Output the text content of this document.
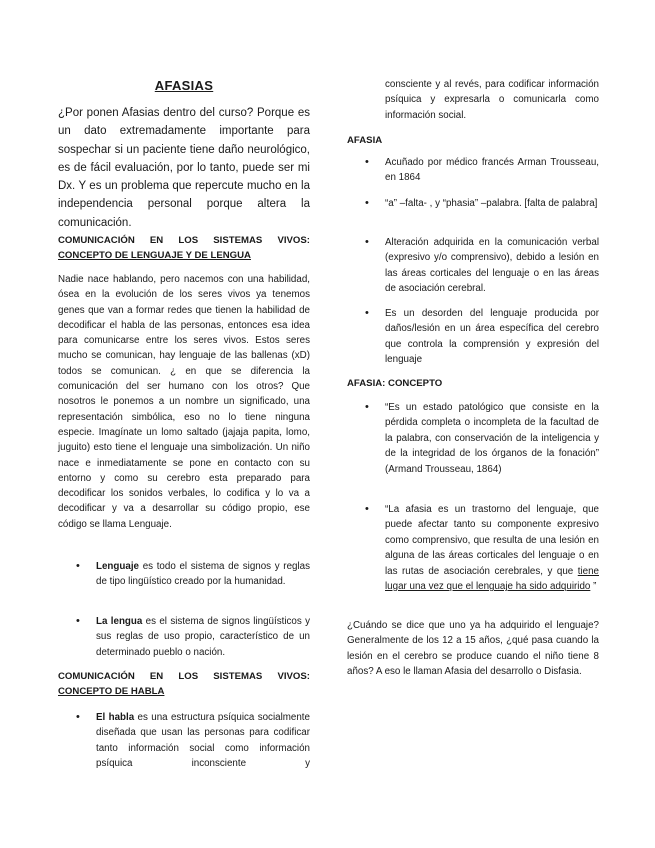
AFASIAS
¿Por ponen Afasias dentro del curso? Porque es un dato extremadamente importante para sospechar si un paciente tiene daño neurológico, es de fácil evaluación, por lo tanto, puede ser mi Dx. Y es un problema que repercute mucho en la independencia personal porque altera la comunicación.
COMUNICACIÓN EN LOS SISTEMAS VIVOS:
CONCEPTO DE LENGUAJE Y DE LENGUA
Nadie nace hablando, pero nacemos con una habilidad, ósea en la evolución de los seres vivos ya tenemos genes que van a formar redes que tienen la habilidad de decodificar el habla de las personas, entonces esa idea para comunicarse entre los seres vivos. Estos seres mucho se comunican, hay lenguaje de las ballenas (xD) todos se comunican. ¿ en que se diferencia la comunicación del ser humano con los otros? Que nosotros le ponemos a un nombre un significado, una representación simbólica, eso no lo tiene ninguna especie. Imagínate un lomo saltado (jajaja papita, lomo, juguito) esto tiene el lenguaje una simbolización. Un niño nace e inmediatamente se pone en contacto con su entorno y como su cerebro esta preparado para decodificar los sonidos verbales, lo codifica y lo va a decodificar y va a desarrollar su código propio, ese código se llama Lenguaje.
• Lenguaje es todo el sistema de signos y reglas de tipo lingüístico creado por la humanidad.
• La lengua es el sistema de signos lingüísticos y sus reglas de uso propio, característico de un determinado pueblo o nación.
COMUNICACIÓN EN LOS SISTEMAS VIVOS:
CONCEPTO DE HABLA
• El habla es una estructura psíquica socialmente diseñada que usan las personas para codificar tanto información social como información psíquica inconsciente y
consciente y al revés, para codificar información psíquica y expresarla o comunicarla como información social.
AFASIA
• Acuñado por médico francés Arman Trousseau, en 1864
• “a” –falta- , y “phasia” –palabra. [falta de palabra]
• Alteración adquirida en la comunicación verbal (expresivo y/o comprensivo), debido a lesión en las áreas corticales del lenguaje o en las áreas de asociación cerebral.
• Es un desorden del lenguaje producida por daños/lesión en un área específica del cerebro que controla la comprensión y expresión del lenguaje
AFASIA: CONCEPTO
• “Es un estado patológico que consiste en la pérdida completa o incompleta de la facultad de la palabra, con conservación de la inteligencia y de la integridad de los órganos de la fonación” (Armand Trousseau, 1864)
• “La afasia es un trastorno del lenguaje, que puede afectar tanto su componente expresivo como comprensivo, que resulta de una lesión en alguna de las áreas corticales del lenguaje o en las rutas de asociación cerebrales, y que tiene lugar una vez que el lenguaje ha sido adquirido ”
¿Cuándo se dice que uno ya ha adquirido el lenguaje? Generalmente de los 12 a 15 años, ¿qué pasa cuando la lesión en el cerebro se produce cuando el niño tiene 8 años? A eso le llaman Afasia del desarrollo o Disfasia.
